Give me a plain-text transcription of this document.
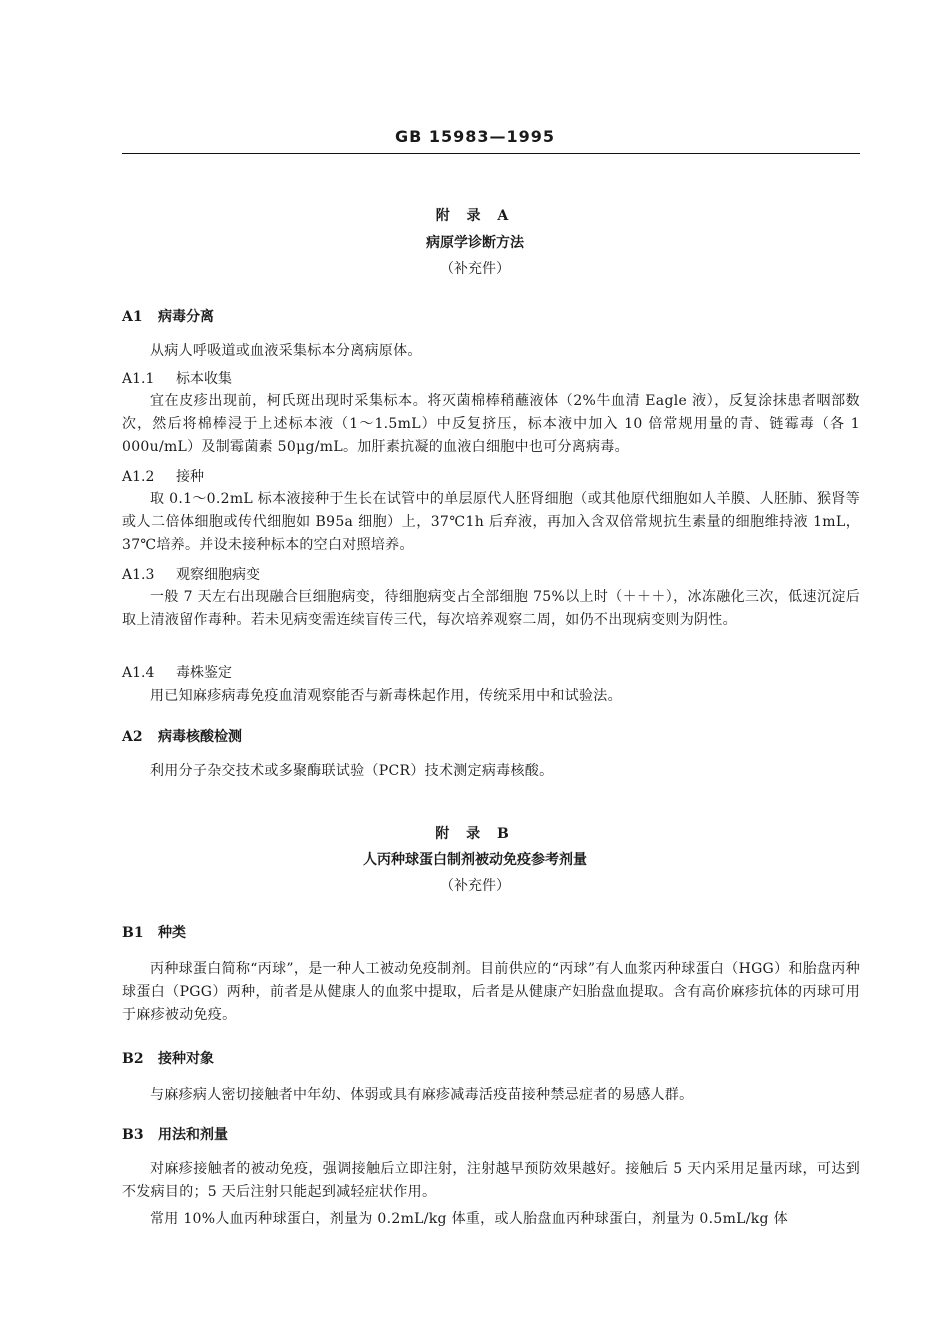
GB 15983—1995
附 录 A
病原学诊断方法
（补充件）
A1 病毒分离
从病人呼吸道或血液采集标本分离病原体。
A1.1 标本收集
宜在皮疹出现前，柯氏斑出现时采集标本。将灭菌棉棒稍蘸液体（2%牛血清 Eagle 液），反复涂抹患者咽部数次，然后将棉棒浸于上述标本液（1～1.5mL）中反复挤压，标本液中加入 10 倍常规用量的青、链霉毒（各 1 000u/mL）及制霉菌素 50μg/mL。加肝素抗凝的血液白细胞中也可分离病毒。
A1.2 接种
取 0.1～0.2mL 标本液接种于生长在试管中的单层原代人胚肾细胞（或其他原代细胞如人羊膜、人胚肺、猴肾等或人二倍体细胞或传代细胞如 B95a 细胞）上，37℃1h 后弃液，再加入含双倍常规抗生素量的细胞维持液 1mL，37℃培养。并设未接种标本的空白对照培养。
A1.3 观察细胞病变
一般 7 天左右出现融合巨细胞病变，待细胞病变占全部细胞 75%以上时（＋＋＋），冰冻融化三次，低速沉淀后取上清液留作毒种。若未见病变需连续盲传三代，每次培养观察二周，如仍不出现病变则为阴性。
A1.4 毒株鉴定
用已知麻疹病毒免疫血清观察能否与新毒株起作用，传统采用中和试验法。
A2 病毒核酸检测
利用分子杂交技术或多聚酶联试验（PCR）技术测定病毒核酸。
附 录 B
人丙种球蛋白制剂被动免疫参考剂量
（补充件）
B1 种类
丙种球蛋白简称“丙球”，是一种人工被动免疫制剂。目前供应的“丙球”有人血浆丙种球蛋白（HGG）和胎盘丙种球蛋白（PGG）两种，前者是从健康人的血浆中提取，后者是从健康产妇胎盘血提取。含有高价麻疹抗体的丙球可用于麻疹被动免疫。
B2 接种对象
与麻疹病人密切接触者中年幼、体弱或具有麻疹减毒活疫苗接种禁忌症者的易感人群。
B3 用法和剂量
对麻疹接触者的被动免疫，强调接触后立即注射，注射越早预防效果越好。接触后 5 天内采用足量丙球，可达到不发病目的；5 天后注射只能起到减轻症状作用。
常用 10%人血丙种球蛋白，剂量为 0.2mL/kg 体重，或人胎盘血丙种球蛋白，剂量为 0.5mL/kg 体
